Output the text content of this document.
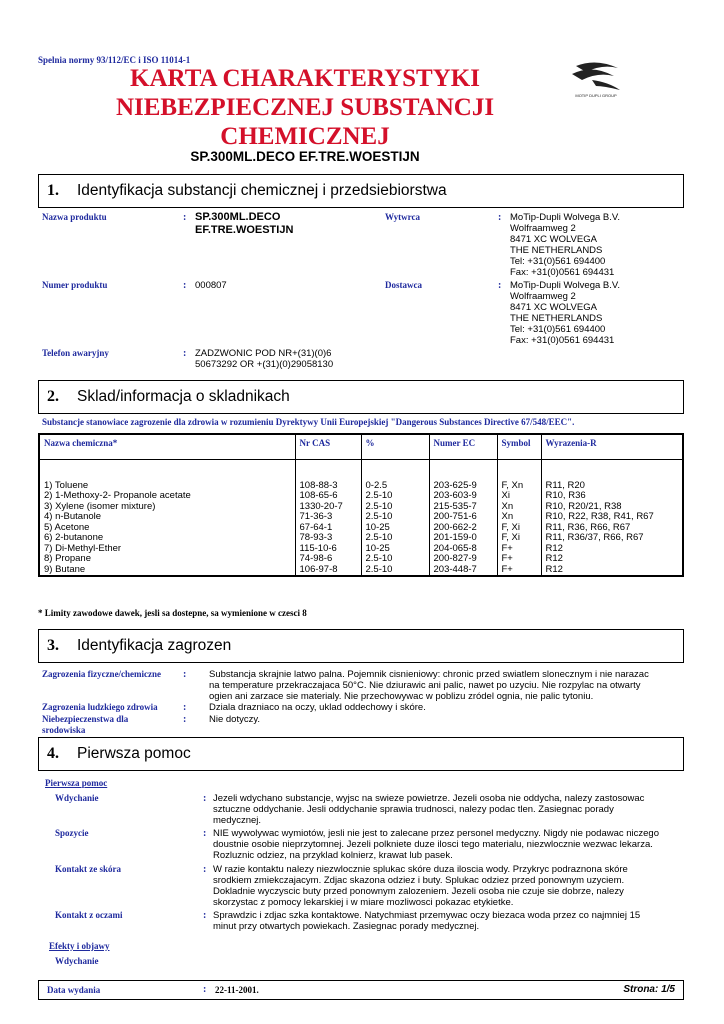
Spelnia normy 93/112/EC i ISO 11014-1
KARTA CHARAKTERYSTYKI
NIEBEZPIECZNEJ SUBSTANCJI
CHEMICZNEJ
SP.300ML.DECO EF.TRE.WOESTIJN
MOTIP DUPLI GROUP
1. Identyfikacja substancji chemicznej i przedsiebiorstwa
Nazwa produktu	: SP.300ML.DECO
EF.TRE.WOESTIJN
Wytwrca	: MoTip-Dupli Wolvega B.V.
Wolfraamweg 2
8471 XC WOLVEGA
THE NETHERLANDS
Tel: +31(0)561 694400
Fax: +31(0)0561 694431
Numer produktu	: 000807	Dostawca	: MoTip-Dupli Wolvega B.V.
Wolfraamweg 2
8471 XC WOLVEGA
THE NETHERLANDS
Tel: +31(0)561 694400
Fax: +31(0)0561 694431
Telefon awaryjny	: ZADZWONIC POD NR+(31)(0)6
50673292 OR +(31)(0)29058130
2. Sklad/informacja o skladnikach
Substancje stanowiace zagrozenie dla zdrowia w rozumieniu Dyrektywy Unii Europejskiej "Dangerous Substances Directive 67/548/EEC".
Nazwa chemiczna*	Nr CAS	%	Numer EC	Symbol	Wyrazenia-R

1) Toluene	108-88-3	0-2.5	203-625-9	F, Xn	R11, R20
2) 1-Methoxy-2- Propanole acetate	108-65-6	2.5-10	203-603-9	Xi	R10, R36
3) Xylene (isomer mixture)	1330-20-7	2.5-10	215-535-7	Xn	R10, R20/21, R38
4) n-Butanole	71-36-3	2.5-10	200-751-6	Xn	R10, R22, R38, R41, R67
5) Acetone	67-64-1	10-25	200-662-2	F, Xi	R11, R36, R66, R67
6) 2-butanone	78-93-3	2.5-10	201-159-0	F, Xi	R11, R36/37, R66, R67
7) Di-Methyl-Ether	115-10-6	10-25	204-065-8	F+	R12
8) Propane	74-98-6	2.5-10	200-827-9	F+	R12
9) Butane	106-97-8	2.5-10	203-448-7	F+	R12

* Limity zawodowe dawek, jesli sa dostepne, sa wymienione w czesci 8
3. Identyfikacja zagrozen
Zagrozenia fizyczne/chemiczne : Substancja skrajnie latwo palna. Pojemnik cisnieniowy: chronic przed swiatlem slonecznym i nie narazac
na temperature przekraczajaca 50°C. Nie dziurawic ani palic, nawet po uzyciu. Nie rozpylac na otwarty
ogien ani zarzace sie materialy. Nie przechowywac w poblizu zródel ognia, nie palic tytoniu.
Zagrozenia ludzkiego zdrowia	: Dziala drazniaco na oczy, uklad oddechowy i skóre.
Niebezpieczenstwa dla
srodowiska
: Nie dotyczy.
4. Pierwsza pomoc
Pierwsza pomoc
Wdychanie	: Jezeli wdychano substancje, wyjsc na swieze powietrze. Jezeli osoba nie oddycha, nalezy zastosowac
sztuczne oddychanie. Jesli oddychanie sprawia trudnosci, nalezy podac tlen. Zasiegnac porady
medycznej.
Spozycie	: NIE wywolywac wymiotów, jesli nie jest to zalecane przez personel medyczny. Nigdy nie podawac niczego
doustnie osobie nieprzytomnej. Jezeli polkniete duze ilosci tego materialu, niezwlocznie wezwac lekarza.
Rozluznic odziez, na przyklad kolnierz, krawat lub pasek.
Kontakt ze skóra	: W razie kontaktu nalezy niezwlocznie splukac skóre duza iloscia wody. Przykryc podraznona skóre
srodkiem zmiekczajacym. Zdjac skazona odziez i buty. Splukac odziez przed ponownym uzyciem.
Dokladnie wyczyscic buty przed ponownym zalozeniem. Jezeli osoba nie czuje sie dobrze, nalezy
skorzystac z pomocy lekarskiej i w miare mozliwosci pokazac etykietke.
Kontakt z oczami	: Sprawdzic i zdjac szka kontaktowe. Natychmiast przemywac oczy biezaca woda przez co najmniej 15
minut przy otwartych powiekach. Zasiegnac porady medycznej.
Efekty i objawy
Wdychanie
Data wydania	: 22-11-2001.	Strona: 1/5
